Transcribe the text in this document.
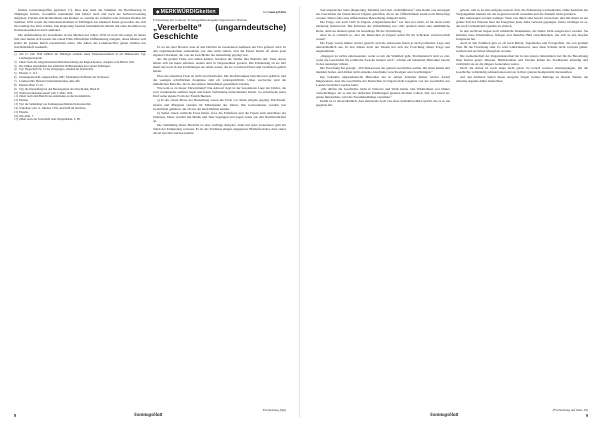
finalen Generalangriffen gipfelten 17). Dies aber hielt die Stimmen der Bevölkerung in Thüringen zurück, woraufhin Gemeinden und Dörfer nach und nach die Selbstverwaltung aufgaben. Fanden sich Rednerinnen und Redner, so wurden sie verhaftet oder mussten fliehen. Im Sommer 1932 waren die Nationalsozialisten in Thüringen zur stärksten Partei geworden, die sich im Landtag das Wort erteilte. Die Regierung Sauckel übernahm die Macht mit einer Koalition aus Nationalsozialisten und Landbund.

Die Aufarbeitung der Geschichte in den Medien des Jahres 1932 ist noch im Gange. In dieser Zeit aber hatten sich bereits die ersten Fälle öffentlicher Diffamierung ereignet, deren Muster sich später im ganzen Reich wiederholen sollte. Die Akten des Landesarchivs geben darüber nur bruchstückhaft Auskunft.

1) Am 15. Juni 1930 wählten die Thüringer erstmals einen Nationalsozialisten in ein Ministeramt. Vgl. Landtagsprotokolle.

2) Zitiert nach der zeitgenössischen Berichterstattung der Regionalpresse, Ausgabe vom Herbst 1931.

3) Die Zahlen entstammen den amtlichen Wahlstatistiken des Landes Thüringen.

4) Vgl. Flugschrift Nr. 12 der Ortsgruppe, erhalten im Stadtarchiv.

5) Ebenda, S. 14 f.

6) Zeitzeugenbericht, aufgezeichnet 1987, Manuskript im Besitz des Verfassers.

7) Landesarchiv, Bestand Staatsministerium, Akte 402.

8) Ebenda, Blatt 17-19.

9) Vgl. die Darstellung bei den Herausgebern der Ortschronik, Band II.

10) Stadtverordnetenprotokoll vom 3. März 1932.

11) Zitiert nach dem Bericht des Amtmanns an die Kreisbehörde.

12) Ebenda.

13) Vgl. die Sammlung von Zeitungsausschnitten im Kreisarchiv.

14) Schreiben vom 11. Oktober 1932, Abschrift im Nachlass.

15) Ebenda.

16) Wie Anm. 7.

17) Zitiert nach der Festschrift zum Ortsjubiläum, S. 88.

◆MERKWÜRDIGkeiten	von Georg Kritz

Fortsetzung des in dieser Sonntagsblatt-Ausgabe begonnenen Themas

„Vererbelte“ (ungarndeutsche) Geschichte

Es ist ein alter Brauch, dass in den Dörfern zu besonderen Anlässen ein Fest gefeiert wird. In den ungarndeutschen Gemeinden war dies nicht anders, und die Feiern hatten oft einen ganz eigenen Charakter, der von der Geschichte der Ansiedlung geprägt war.

Als die großen Treks von Süden kamen, brachten die Siedler ihre Bräuche mit. Viele davon haben sich bis heute erhalten, andere sind in Vergessenheit geraten. Die Erinnerung an sie lebt meist nur noch in den Erzählungen der Alten weiter, die sie von ihren Eltern und Großeltern gehört haben.

Über die einzelnen Feste ist nicht viel überliefert. Die Dorfchroniken berichten nur spärlich, und die wenigen schriftlichen Zeugnisse sind oft widersprüchlich. Umso wertvoller sind die mündlichen Berichte, die in den letzten Jahrzehnten gesammelt wurden.

Wie kam es zu dieser Entwicklung? Die Antwort liegt in der besonderen Lage der Dörfer, die weit voneinander entfernt lagen und kaum Verbindung untereinander hatten. So entwickelte jedes Dorf seine eigene Form der Feierlichkeiten.

a) In der ersten Phase der Besiedlung waren die Feste vor allem religiös geprägt. Kirchweih, Ostern und Pfingsten standen im Mittelpunkt des Jahres. Die Gottesdienste wurden von Geistlichen gehalten, die oft aus der alten Heimat kamen.

b) Später traten weltliche Feste hinzu, etwa die Erntefeste und die Feiern zum Abschluss der Weinlese. Diese wurden mit Musik und Tanz begangen und zogen Gäste aus den Nachbardörfern an.

Die Sammlung dieser Berichte ist eine wichtige Aufgabe, denn mit jeder Generation geht ein Stück der Erinnerung verloren. Es ist das Verdienst einiger engagierter Heimatforscher, dass vieles davon bewahrt werden konnte.

8	Sonntagsblatt
Fortsetzung folgt

Von ungarischer Seite (Regierung, Medien) wird mit „Schönfärberei“ eine Reihe von Aussagen zur Geschichte der Deutschen in Ungarn getroffen, die in der Öffentlichkeit kaum noch hinterfragt werden. Dabei wäre eine differenzierte Betrachtung dringend nötig.

Die Frage, wer nach 1945 in Ungarn „Ungarndeutscher“ war und wer nicht, ist bis heute nicht eindeutig beantwortet. Die Kriterien der Volkszählung von 1941 spielten dabei eine unrühmliche Rolle, denn sie dienten später als Grundlage für die Vertreibung.

Aber ist es wirklich so, dass die Deutschen in Ungarn selbst für ihr Schicksal verantwortlich waren?

Die Frage wurde immer wieder gestellt, und die Antworten fielen je nach politischer Lage sehr unterschiedlich aus. In den Jahren nach der Wende hat sich die Forschung dieser Frage neu angenommen.

„Dagegen ist nichts einzuwenden, wenn es um die Wahrheit geht. Problematisch wird es erst, wenn die Geschichte für politische Zwecke benutzt wird“, schrieb ein bekannter Historiker bereits in den neunziger Jahren.

Die Forschung hat gezeigt: „Wir müssen uns der ganzen Geschichte stellen, mit ihren hellen und dunklen Seiten, und dürfen nicht einzelne Abschnitte verschweigen oder beschönigen.“

Der bekannte ungarndeutsche Historiker hat in seinen Arbeiten immer wieder darauf hingewiesen, dass die Geschichte der Deutschen in Ungarn nicht losgelöst von der Geschichte des Landes betrachtet werden kann.

„Wir dürfen die Geschichte nicht in Schwarz und Weiß malen. Die Wirklichkeit war immer vielschichtiger, als es uns die einfachen Erklärungen glauben machen wollen. Nur wer bereit ist, genau hinzusehen, wird die Zusammenhänge verstehen.“

Damit ist es unverständlich, dass man heute noch von einer Kollektivschuld spricht, die es so nie gegeben hat.

gelernt, und es ist eine Aufgabe unserer Zeit, die Erinnerung wachzuhalten. Ohne Kenntnis der Vergangenheit können wir die Gegenwart nicht verstehen und die Zukunft nicht gestalten.

Die Zeitzeugen werden weniger. Viele von ihnen sind bereits verstorben, und mit ihnen ist ein großer Teil des Wissens über die Ereignisse jener Jahre verloren gegangen. Umso wichtiger ist es, die noch vorhandenen Quellen zu sichern.

In den Archiven liegen noch zahlreiche Dokumente, die bisher nicht ausgewertet wurden. Sie könnten neue Erkenntnisse bringen und manches Bild zurechtrücken, das sich in den Köpfen festgesetzt hat.

Auch in den Familien gibt es oft noch Briefe, Tagebücher und Fotografien, die von großem Wert für die Forschung sind. Es wäre wünschenswert, dass diese Schätze nicht verloren gehen, sondern den Archiven übergeben werden.

Die Gemeinschaft der Ungarndeutschen hat in den letzten Jahrzehnten viel für die Bewahrung ihrer Kultur getan. Museen, Heimatstuben und Vereine halten die Traditionen lebendig und vermitteln sie an die jüngere Generation weiter.

Doch die Arbeit ist noch lange nicht getan. Es bedarf weiterer Anstrengungen, um die Geschichte vollständig aufzuarbeiten und sie in ihrer ganzen Komplexität darzustellen.

Auf den nächsten Seiten dieser Ausgabe folgen weitere Beiträge zu diesem Thema, die einzelne Aspekte näher beleuchten.

Sonntagsblatt	9
(Fortsetzung auf Seite 10)
